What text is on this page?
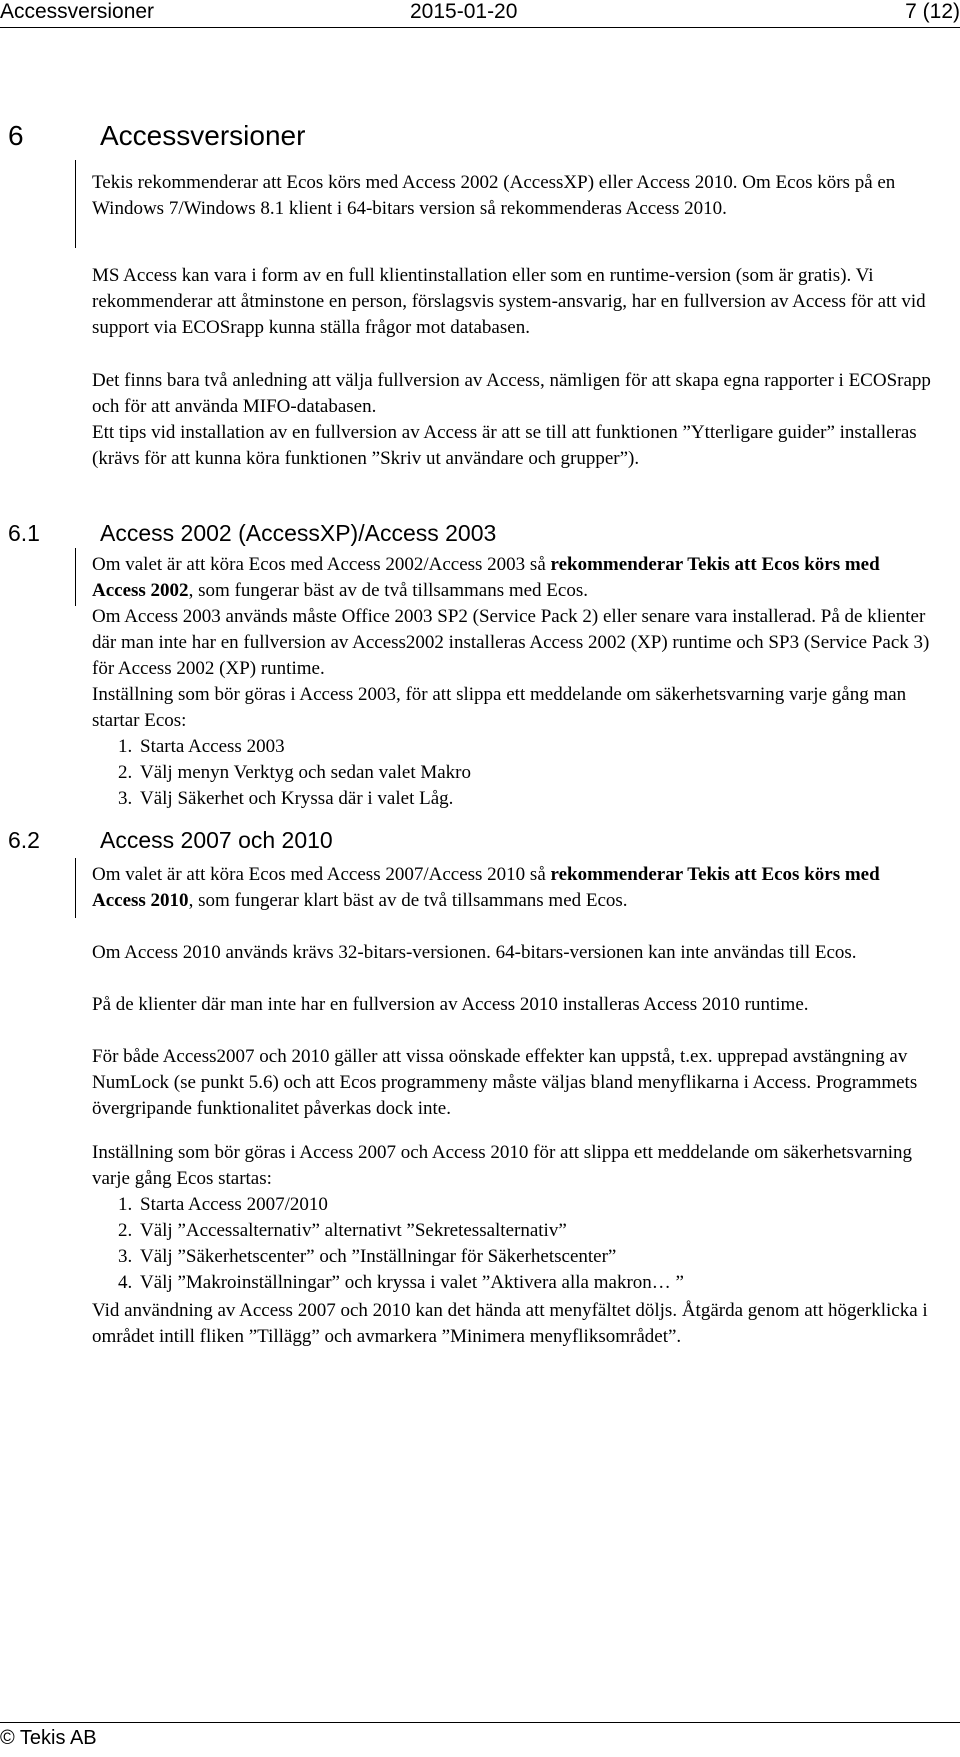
Accessversioner	2015-01-20	7 (12)
6	Accessversioner
Tekis rekommenderar att Ecos körs med Access 2002 (AccessXP) eller Access 2010. Om Ecos körs på en Windows 7/Windows 8.1 klient i 64-bitars version så rekommenderas Access 2010.
MS Access kan vara i form av en full klientinstallation eller som en runtime-version (som är gratis). Vi rekommenderar att åtminstone en person, förslagsvis system-ansvarig, har en fullversion av Access för att vid support via ECOSrapp kunna ställa frågor mot databasen.
Det finns bara två anledning att välja fullversion av Access, nämligen för att skapa egna rapporter i ECOSrapp och för att använda MIFO-databasen.
Ett tips vid installation av en fullversion av Access är att se till att funktionen ”Ytterligare guider” installeras (krävs för att kunna köra funktionen ”Skriv ut användare och grupper”).
6.1	Access 2002 (AccessXP)/Access 2003
Om valet är att köra Ecos med Access 2002/Access 2003 så rekommenderar Tekis att Ecos körs med Access 2002, som fungerar bäst av de två tillsammans med Ecos.
Om Access 2003 används måste Office 2003 SP2 (Service Pack 2) eller senare vara installerad. På de klienter där man inte har en fullversion av Access2002 installeras Access 2002 (XP) runtime och SP3 (Service Pack 3) för Access 2002 (XP) runtime.
Inställning som bör göras i Access 2003, för att slippa ett meddelande om säkerhetsvarning varje gång man startar Ecos:
1. Starta Access 2003
2. Välj menyn Verktyg och sedan valet Makro
3. Välj Säkerhet och Kryssa där i valet Låg.
6.2	Access 2007 och 2010
Om valet är att köra Ecos med Access 2007/Access 2010 så rekommenderar Tekis att Ecos körs med Access 2010, som fungerar klart bäst av de två tillsammans med Ecos.
Om Access 2010 används krävs 32-bitars-versionen. 64-bitars-versionen kan inte användas till Ecos.
På de klienter där man inte har en fullversion av Access 2010 installeras Access 2010 runtime.
För både Access2007 och 2010 gäller att vissa oönskade effekter kan uppstå, t.ex. upprepad avstängning av NumLock (se punkt 5.6) och att Ecos programmeny måste väljas bland menyflikarna i Access. Programmets övergripande funktionalitet påverkas dock inte.
Inställning som bör göras i Access 2007 och Access 2010 för att slippa ett meddelande om säkerhetsvarning varje gång Ecos startas:
1. Starta Access 2007/2010
2. Välj ”Accessalternativ” alternativt ”Sekretessalternativ”
3. Välj ”Säkerhetscenter” och ”Inställningar för Säkerhetscenter”
4. Välj ”Makroinställningar” och kryssa i valet ”Aktivera alla makron… ”
Vid användning av Access 2007 och 2010 kan det hända att menyfältet döljs. Åtgärda genom att högerklicka i området intill fliken ”Tillägg” och avmarkera ”Minimera menyfliksområdet”.
© Tekis AB
